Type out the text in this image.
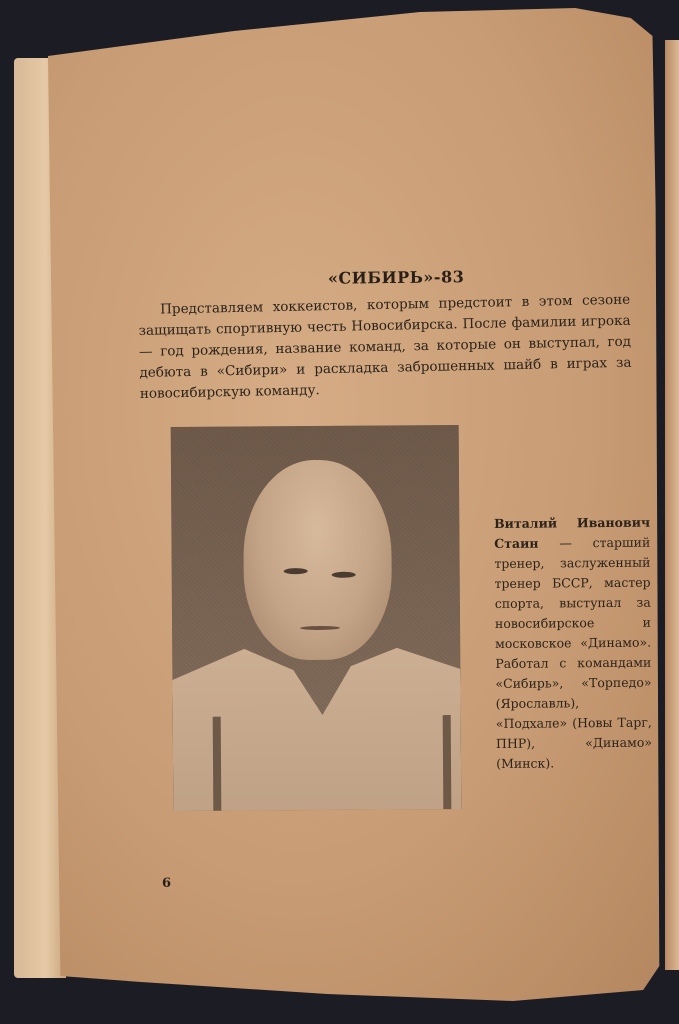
«СИБИРЬ»-83

Представляем хоккеистов, которым предстоит в этом сезоне защищать спортивную честь Новосибирска. После фамилии игрока — год рождения, название команд, за которые он выступал, год дебюта в «Сибири» и раскладка заброшенных шайб в играх за новосибирскую команду.

Виталий Иванович Стаин — старший тренер, заслуженный тренер БССР, мастер спорта, выступал за новосибирское и московское «Динамо». Работал с командами «Сибирь», «Торпедо» (Ярославль), «Подхале» (Новы Тарг, ПНР), «Динамо» (Минск).
6
